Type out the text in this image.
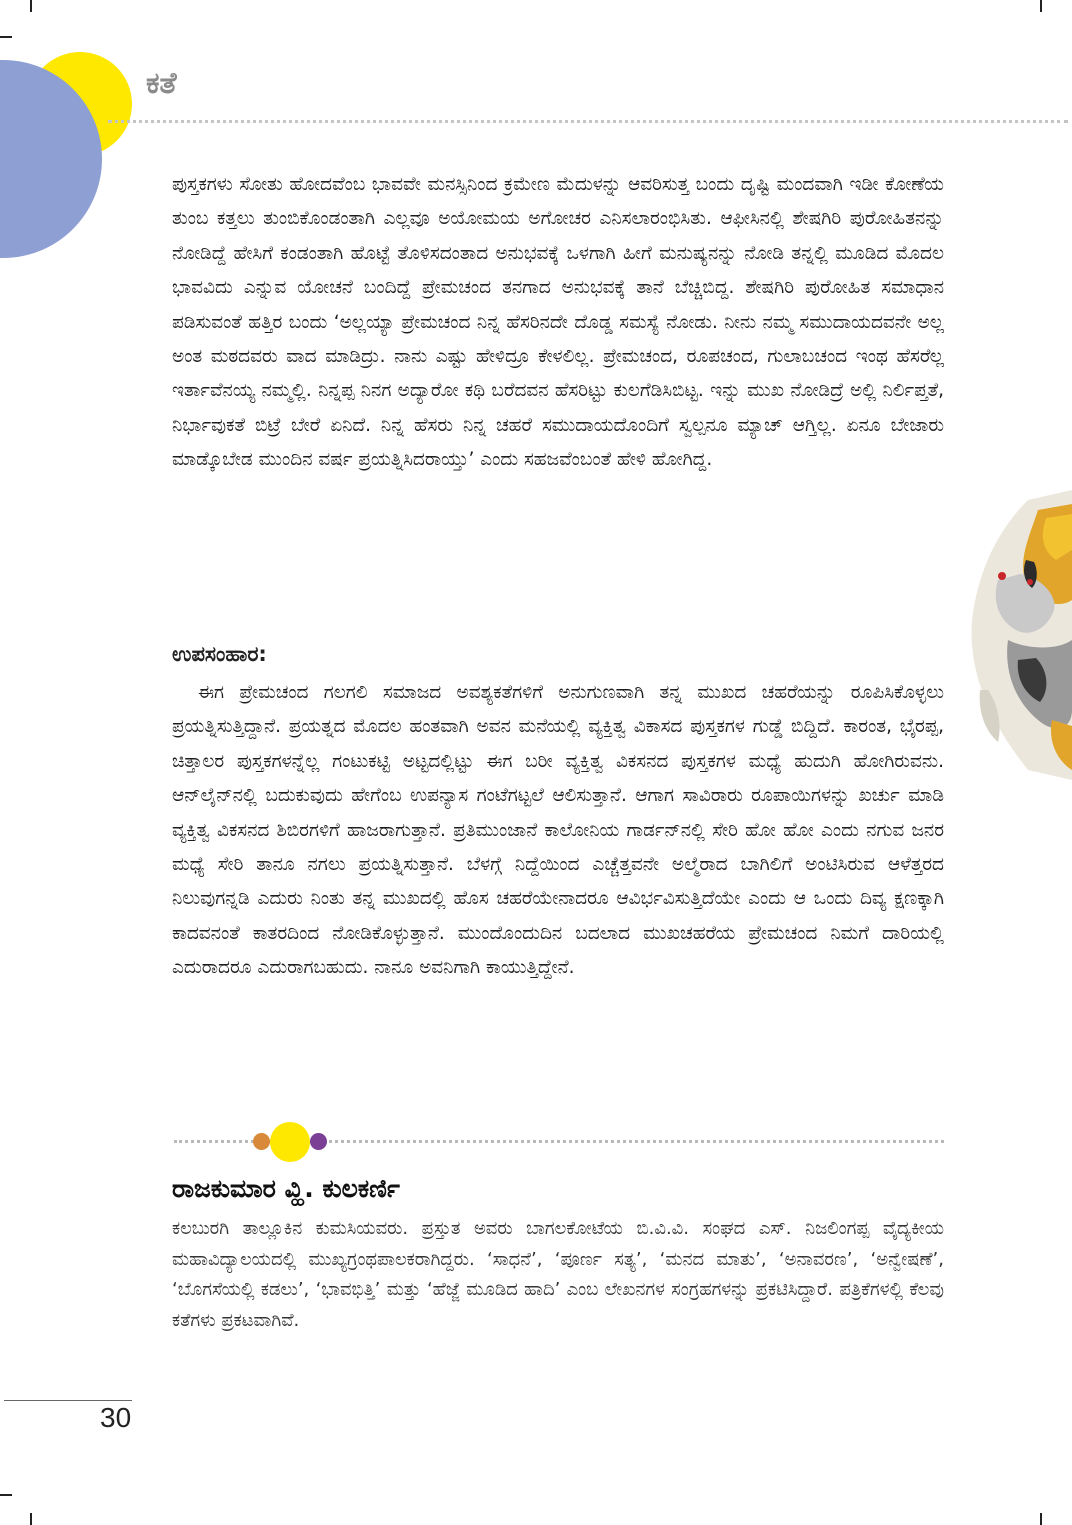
ಕತೆ

ಪುಸ್ತಕಗಳು ಸೋತು ಹೋದವೆಂಬ ಭಾವವೇ ಮನಸ್ಸಿನಿಂದ ಕ್ರಮೇಣ ಮೆದುಳನ್ನು ಆವರಿಸುತ್ತ ಬಂದು ದೃಷ್ಟಿ ಮಂದವಾಗಿ ಇಡೀ ಕೋಣೆಯ ತುಂಬ ಕತ್ತಲು ತುಂಬಿಕೊಂಡಂತಾಗಿ ಎಲ್ಲವೂ ಅಯೋಮಯ ಅಗೋಚರ ಎನಿಸಲಾರಂಭಿಸಿತು. ಆಫೀಸಿನಲ್ಲಿ ಶೇಷಗಿರಿ ಪುರೋಹಿತನನ್ನು ನೋಡಿದ್ದೆ ಹೇಸಿಗೆ ಕಂಡಂತಾಗಿ ಹೊಟ್ಟೆ ತೊಳಿಸದಂತಾದ ಅನುಭವಕ್ಕೆ ಒಳಗಾಗಿ ಹೀಗೆ ಮನುಷ್ಯನನ್ನು ನೋಡಿ ತನ್ನಲ್ಲಿ ಮೂಡಿದ ಮೊದಲ ಭಾವವಿದು ಎನ್ನುವ ಯೋಚನೆ ಬಂದಿದ್ದೆ ಪ್ರೇಮಚಂದ ತನಗಾದ ಅನುಭವಕ್ಕೆ ತಾನೆ ಬೆಚ್ಚಿಬಿದ್ದ. ಶೇಷಗಿರಿ ಪುರೋಹಿತ ಸಮಾಧಾನ ಪಡಿಸುವಂತೆ ಹತ್ತಿರ ಬಂದು ‘ಅಲ್ಲಯ್ಯಾ ಪ್ರೇಮಚಂದ ನಿನ್ನ ಹೆಸರಿನದೇ ದೊಡ್ಡ ಸಮಸ್ಯೆ ನೋಡು. ನೀನು ನಮ್ಮ ಸಮುದಾಯದವನೇ ಅಲ್ಲ ಅಂತ ಮಠದವರು ವಾದ ಮಾಡಿದ್ರು. ನಾನು ಎಷ್ಟು ಹೇಳಿದ್ರೂ ಕೇಳಲಿಲ್ಲ. ಪ್ರೇಮಚಂದ, ರೂಪಚಂದ, ಗುಲಾಬಚಂದ ಇಂಥ ಹೆಸರೆಲ್ಲ ಇರ್ತಾವೆನಯ್ಯ ನಮ್ಮಲ್ಲಿ. ನಿನ್ನಪ್ಪ ನಿನಗ ಅದ್ಯಾರೋ ಕಥಿ ಬರೆದವನ ಹೆಸರಿಟ್ಟು ಕುಲಗೆಡಿಸಿಬಿಟ್ಟ. ಇನ್ನು ಮುಖ ನೋಡಿದ್ರೆ ಅಲ್ಲಿ ನಿರ್ಲಿಪ್ತತೆ, ನಿರ್ಭಾವುಕತೆ ಬಿಟ್ರೆ ಬೇರೆ ಏನಿದೆ. ನಿನ್ನ ಹೆಸರು ನಿನ್ನ ಚಹರೆ ಸಮುದಾಯದೊಂದಿಗೆ ಸ್ವಲ್ಪನೂ ಮ್ಯಾಚ್ ಆಗ್ತಿಲ್ಲ. ಏನೂ ಬೇಜಾರು ಮಾಡ್ಕೊಬೇಡ ಮುಂದಿನ ವರ್ಷ ಪ್ರಯತ್ನಿಸಿದರಾಯ್ತು’ ಎಂದು ಸಹಜವೆಂಬಂತೆ ಹೇಳಿ ಹೋಗಿದ್ದ.

ಉಪಸಂಹಾರ:

ಈಗ ಪ್ರೇಮಚಂದ ಗಲಗಲಿ ಸಮಾಜದ ಅವಶ್ಯಕತೆಗಳಿಗೆ ಅನುಗುಣವಾಗಿ ತನ್ನ ಮುಖದ ಚಹರೆಯನ್ನು ರೂಪಿಸಿಕೊಳ್ಳಲು ಪ್ರಯತ್ನಿಸುತ್ತಿದ್ದಾನೆ. ಪ್ರಯತ್ನದ ಮೊದಲ ಹಂತವಾಗಿ ಅವನ ಮನೆಯಲ್ಲಿ ವ್ಯಕ್ತಿತ್ವ ವಿಕಾಸದ ಪುಸ್ತಕಗಳ ಗುಡ್ಡೆ ಬಿದ್ದಿದೆ. ಕಾರಂತ, ಭೈರಪ್ಪ, ಚಿತ್ತಾಲರ ಪುಸ್ತಕಗಳನ್ನೆಲ್ಲ ಗಂಟುಕಟ್ಟಿ ಅಟ್ಟದಲ್ಲಿಟ್ಟು ಈಗ ಬರೀ ವ್ಯಕ್ತಿತ್ವ ವಿಕಸನದ ಪುಸ್ತಕಗಳ ಮಧ್ಯೆ ಹುದುಗಿ ಹೋಗಿರುವನು. ಆನ್‌ಲೈನ್‌ನಲ್ಲಿ ಬದುಕುವುದು ಹೇಗೆಂಬ ಉಪನ್ಯಾಸ ಗಂಟೆಗಟ್ಟಲೆ ಆಲಿಸುತ್ತಾನೆ. ಆಗಾಗ ಸಾವಿರಾರು ರೂಪಾಯಿಗಳನ್ನು ಖರ್ಚು ಮಾಡಿ ವ್ಯಕ್ತಿತ್ವ ವಿಕಸನದ ಶಿಬಿರಗಳಿಗೆ ಹಾಜರಾಗುತ್ತಾನೆ. ಪ್ರತಿಮುಂಜಾನೆ ಕಾಲೋನಿಯ ಗಾರ್ಡನ್‌ನಲ್ಲಿ ಸೇರಿ ಹೋ ಹೋ ಎಂದು ನಗುವ ಜನರ ಮಧ್ಯೆ ಸೇರಿ ತಾನೂ ನಗಲು ಪ್ರಯತ್ನಿಸುತ್ತಾನೆ. ಬೆಳಗ್ಗೆ ನಿದ್ದೆಯಿಂದ ಎಚ್ಚೆತ್ತವನೇ ಅಲ್ಮೆರಾದ ಬಾಗಿಲಿಗೆ ಅಂಟಿಸಿರುವ ಆಳೆತ್ತರದ ನಿಲುವುಗನ್ನಡಿ ಎದುರು ನಿಂತು ತನ್ನ ಮುಖದಲ್ಲಿ ಹೊಸ ಚಹರೆಯೇನಾದರೂ ಆವಿರ್ಭವಿಸುತ್ತಿದೆಯೇ ಎಂದು ಆ ಒಂದು ದಿವ್ಯ ಕ್ಷಣಕ್ಕಾಗಿ ಕಾದವನಂತೆ ಕಾತರದಿಂದ ನೋಡಿಕೊಳ್ಳುತ್ತಾನೆ. ಮುಂದೊಂದುದಿನ ಬದಲಾದ ಮುಖಚಹರೆಯ ಪ್ರೇಮಚಂದ ನಿಮಗೆ ದಾರಿಯಲ್ಲಿ ಎದುರಾದರೂ ಎದುರಾಗಬಹುದು. ನಾನೂ ಅವನಿಗಾಗಿ ಕಾಯುತ್ತಿದ್ದೇನೆ.

ರಾಜಕುಮಾರ ವ್ಹಿ. ಕುಲಕರ್ಣಿ

ಕಲಬುರಗಿ ತಾಲ್ಲೂಕಿನ ಕುಮಸಿಯವರು. ಪ್ರಸ್ತುತ ಅವರು ಬಾಗಲಕೋಟೆಯ ಬಿ.ವಿ.ವಿ. ಸಂಘದ ಎಸ್. ನಿಜಲಿಂಗಪ್ಪ ವೈದ್ಯಕೀಯ ಮಹಾವಿದ್ಯಾಲಯದಲ್ಲಿ ಮುಖ್ಯಗ್ರಂಥಪಾಲಕರಾಗಿದ್ದರು. ‘ಸಾಧನೆ’, ‘ಪೂರ್ಣ ಸತ್ಯ’, ‘ಮನದ ಮಾತು’, ‘ಅನಾವರಣ’, ‘ಅನ್ವೇಷಣೆ’, ‘ಬೊಗಸೆಯಲ್ಲಿ ಕಡಲು’, ‘ಭಾವಭಿತ್ತಿ’ ಮತ್ತು ‘ಹೆಜ್ಜೆ ಮೂಡಿದ ಹಾದಿ’ ಎಂಬ ಲೇಖನಗಳ ಸಂಗ್ರಹಗಳನ್ನು ಪ್ರಕಟಿಸಿದ್ದಾರೆ. ಪತ್ರಿಕೆಗಳಲ್ಲಿ ಕೆಲವು ಕತೆಗಳು ಪ್ರಕಟವಾಗಿವೆ.

30
